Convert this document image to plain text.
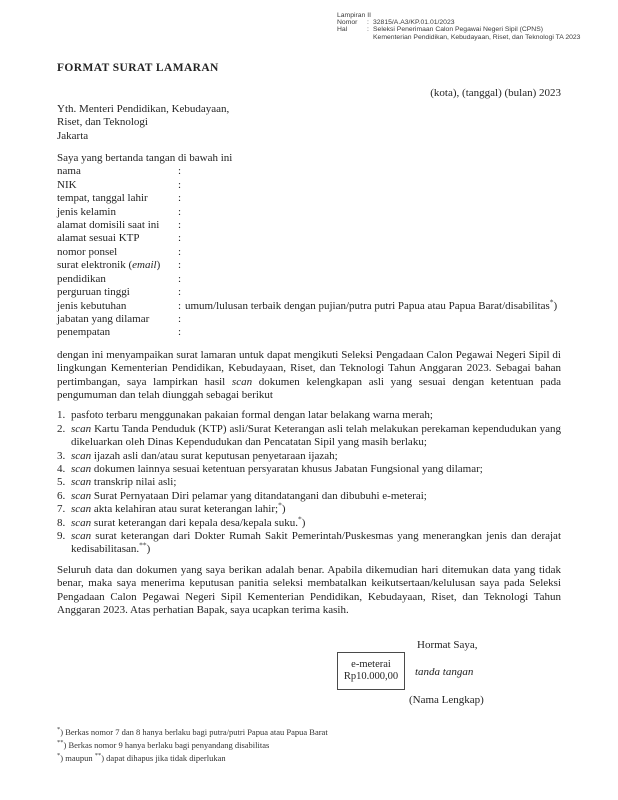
Lampiran II
Nomor	: 32815/A.A3/KP.01.01/2023
Hal	: Seleksi Penerimaan Calon Pegawai Negeri Sipil (CPNS)
Kementerian Pendidikan, Kebudayaan, Riset, dan Teknologi TA 2023
FORMAT SURAT LAMARAN
(kota), (tanggal) (bulan) 2023
Yth. Menteri Pendidikan, Kebudayaan,
Riset, dan Teknologi
Jakarta
Saya yang bertanda tangan di bawah ini
nama	:
NIK	:
tempat, tanggal lahir	:
jenis kelamin	:
alamat domisili saat ini	:
alamat sesuai KTP	:
nomor ponsel	:
surat elektronik (email)	:
pendidikan	:
perguruan tinggi	:
jenis kebutuhan	: umum/lulusan terbaik dengan pujian/putra putri Papua atau Papua Barat/disabilitas*)
jabatan yang dilamar	:
penempatan	:
dengan ini menyampaikan surat lamaran untuk dapat mengikuti Seleksi Pengadaan Calon Pegawai Negeri Sipil di lingkungan Kementerian Pendidikan, Kebudayaan, Riset, dan Teknologi Tahun Anggaran 2023. Sebagai bahan pertimbangan, saya lampirkan hasil scan dokumen kelengkapan asli yang sesuai dengan ketentuan pada pengumuman dan telah diunggah sebagai berikut
1. pasfoto terbaru menggunakan pakaian formal dengan latar belakang warna merah;
2. scan Kartu Tanda Penduduk (KTP) asli/Surat Keterangan asli telah melakukan perekaman kependudukan yang dikeluarkan oleh Dinas Kependudukan dan Pencatatan Sipil yang masih berlaku;
3. scan ijazah asli dan/atau surat keputusan penyetaraan ijazah;
4. scan dokumen lainnya sesuai ketentuan persyaratan khusus Jabatan Fungsional yang dilamar;
5. scan transkrip nilai asli;
6. scan Surat Pernyataan Diri pelamar yang ditandatangani dan dibubuhi e-meterai;
7. scan akta kelahiran atau surat keterangan lahir;*)
8. scan surat keterangan dari kepala desa/kepala suku.*)
9. scan surat keterangan dari Dokter Rumah Sakit Pemerintah/Puskesmas yang menerangkan jenis dan derajat kedisabilitasan.**)
Seluruh data dan dokumen yang saya berikan adalah benar. Apabila dikemudian hari ditemukan data yang tidak benar, maka saya menerima keputusan panitia seleksi membatalkan keikutsertaan/kelulusan saya pada Seleksi Pengadaan Calon Pegawai Negeri Sipil Kementerian Pendidikan, Kebudayaan, Riset, dan Teknologi Tahun Anggaran 2023. Atas perhatian Bapak, saya ucapkan terima kasih.
Hormat Saya,
e-meterai
Rp10.000,00 tanda tangan
(Nama Lengkap)
*) Berkas nomor 7 dan 8 hanya berlaku bagi putra/putri Papua atau Papua Barat
**) Berkas nomor 9 hanya berlaku bagi penyandang disabilitas
*) maupun **) dapat dihapus jika tidak diperlukan
